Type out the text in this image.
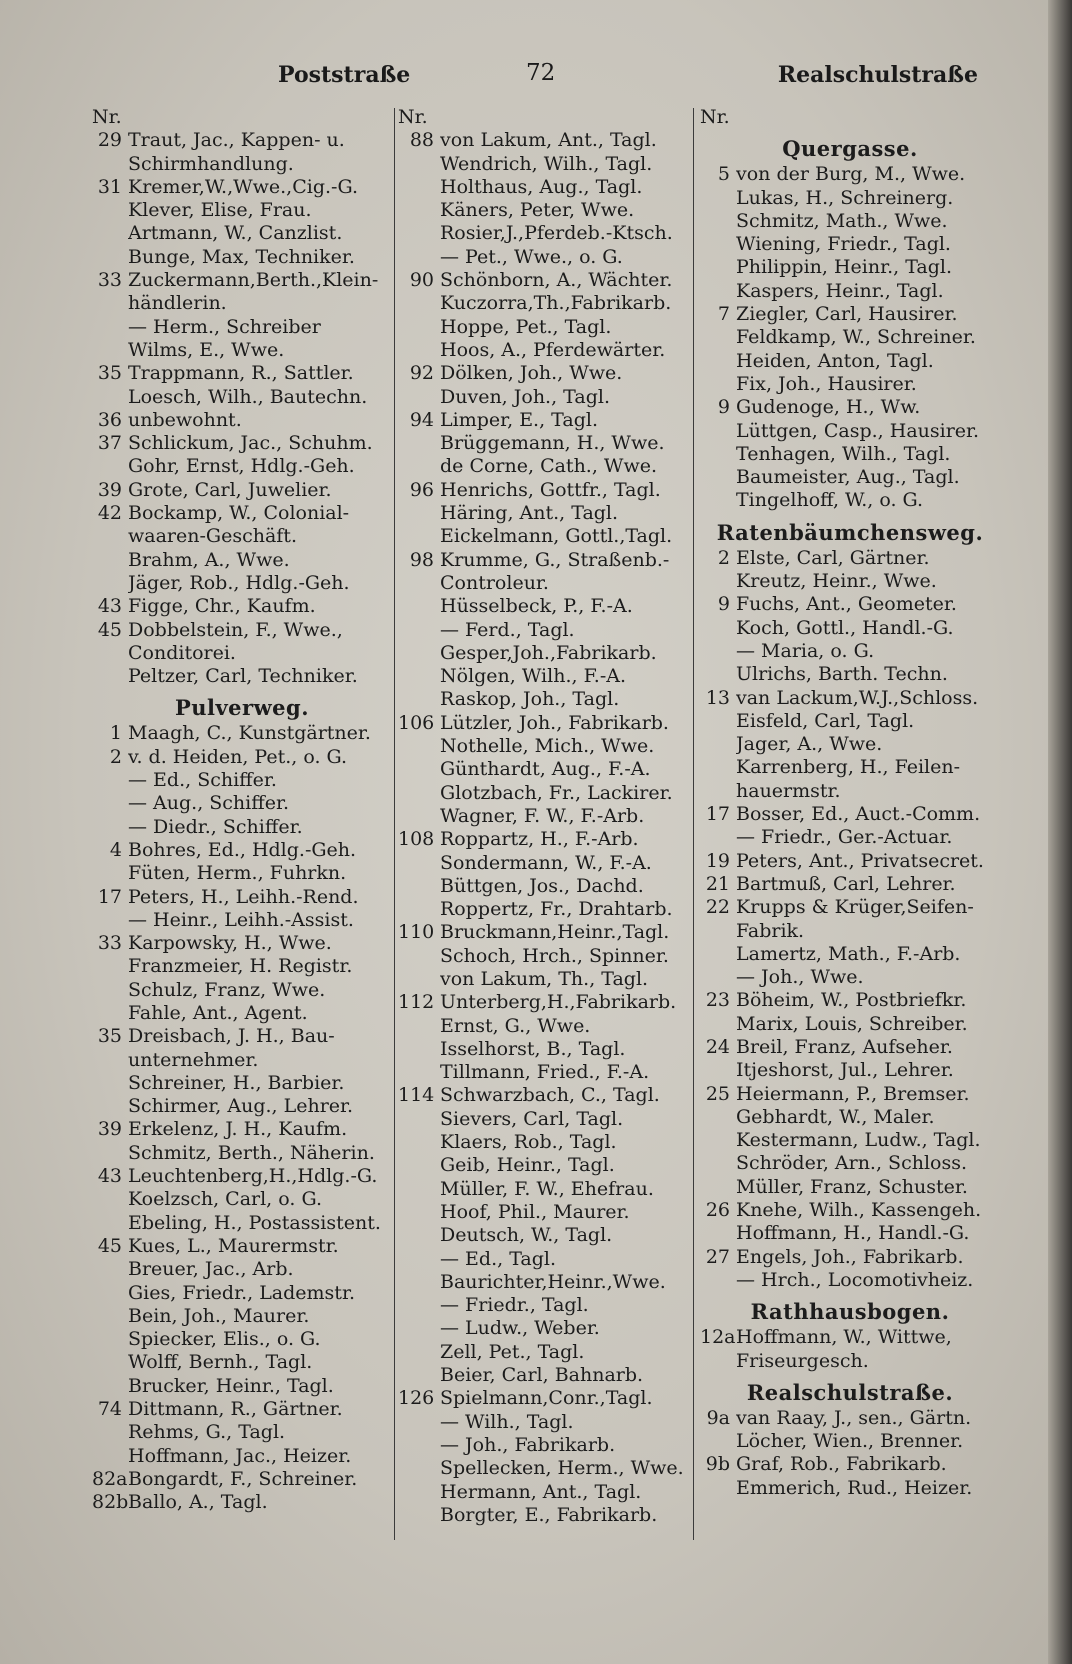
Poststraße	72	Realschulstraße
Nr.
29 Traut, Jac., Kappen- u.
Schirmhandlung.
31 Kremer,W.,Wwe.,Cig.-G.
Klever, Elise, Frau.
Artmann, W., Canzlist.
Bunge, Max, Techniker.
33 Zuckermann,Berth.,Klein-
händlerin.
— Herm., Schreiber
Wilms, E., Wwe.
35 Trappmann, R., Sattler.
Loesch, Wilh., Bautechn.
36 unbewohnt.
37 Schlickum, Jac., Schuhm.
Gohr, Ernst, Hdlg.-Geh.
39 Grote, Carl, Juwelier.
42 Bockamp, W., Colonial-
waaren-Geschäft.
Brahm, A., Wwe.
Jäger, Rob., Hdlg.-Geh.
43 Figge, Chr., Kaufm.
45 Dobbelstein, F., Wwe.,
Conditorei.
Peltzer, Carl, Techniker.
Pulverweg.
1 Maagh, C., Kunstgärtner.
2 v. d. Heiden, Pet., o. G.
— Ed., Schiffer.
— Aug., Schiffer.
— Diedr., Schiffer.
4 Bohres, Ed., Hdlg.-Geh.
Füten, Herm., Fuhrkn.
17 Peters, H., Leihh.-Rend.
— Heinr., Leihh.-Assist.
33 Karpowsky, H., Wwe.
Franzmeier, H. Registr.
Schulz, Franz, Wwe.
Fahle, Ant., Agent.
35 Dreisbach, J. H., Bau-
unternehmer.
Schreiner, H., Barbier.
Schirmer, Aug., Lehrer.
39 Erkelenz, J. H., Kaufm.
Schmitz, Berth., Näherin.
43 Leuchtenberg,H.,Hdlg.-G.
Koelzsch, Carl, o. G.
Ebeling, H., Postassistent.
45 Kues, L., Maurermstr.
Breuer, Jac., Arb.
Gies, Friedr., Lademstr.
Bein, Joh., Maurer.
Spiecker, Elis., o. G.
Wolff, Bernh., Tagl.
Brucker, Heinr., Tagl.
74 Dittmann, R., Gärtner.
Rehms, G., Tagl.
Hoffmann, Jac., Heizer.
82a Bongardt, F., Schreiner.
82b Ballo, A., Tagl.
Nr.
88 von Lakum, Ant., Tagl.
Wendrich, Wilh., Tagl.
Holthaus, Aug., Tagl.
Käners, Peter, Wwe.
Rosier,J.,Pferdeb.-Ktsch.
— Pet., Wwe., o. G.
90 Schönborn, A., Wächter.
Kuczorra,Th.,Fabrikarb.
Hoppe, Pet., Tagl.
Hoos, A., Pferdewärter.
92 Dölken, Joh., Wwe.
Duven, Joh., Tagl.
94 Limper, E., Tagl.
Brüggemann, H., Wwe.
de Corne, Cath., Wwe.
96 Henrichs, Gottfr., Tagl.
Häring, Ant., Tagl.
Eickelmann, Gottl.,Tagl.
98 Krumme, G., Straßenb.-
Controleur.
Hüsselbeck, P., F.-A.
— Ferd., Tagl.
Gesper,Joh.,Fabrikarb.
Nölgen, Wilh., F.-A.
Raskop, Joh., Tagl.
106 Lützler, Joh., Fabrikarb.
Nothelle, Mich., Wwe.
Günthardt, Aug., F.-A.
Glotzbach, Fr., Lackirer.
Wagner, F. W., F.-Arb.
108 Roppartz, H., F.-Arb.
Sondermann, W., F.-A.
Büttgen, Jos., Dachd.
Roppertz, Fr., Drahtarb.
110 Bruckmann,Heinr.,Tagl.
Schoch, Hrch., Spinner.
von Lakum, Th., Tagl.
112 Unterberg,H.,Fabrikarb.
Ernst, G., Wwe.
Isselhorst, B., Tagl.
Tillmann, Fried., F.-A.
114 Schwarzbach, C., Tagl.
Sievers, Carl, Tagl.
Klaers, Rob., Tagl.
Geib, Heinr., Tagl.
Müller, F. W., Ehefrau.
Hoof, Phil., Maurer.
Deutsch, W., Tagl.
— Ed., Tagl.
Baurichter,Heinr.,Wwe.
— Friedr., Tagl.
— Ludw., Weber.
Zell, Pet., Tagl.
Beier, Carl, Bahnarb.
126 Spielmann,Conr.,Tagl.
— Wilh., Tagl.
— Joh., Fabrikarb.
Spellecken, Herm., Wwe.
Hermann, Ant., Tagl.
Borgter, E., Fabrikarb.
Nr.
Quergasse.
5 von der Burg, M., Wwe.
Lukas, H., Schreinerg.
Schmitz, Math., Wwe.
Wiening, Friedr., Tagl.
Philippin, Heinr., Tagl.
Kaspers, Heinr., Tagl.
7 Ziegler, Carl, Hausirer.
Feldkamp, W., Schreiner.
Heiden, Anton, Tagl.
Fix, Joh., Hausirer.
9 Gudenoge, H., Ww.
Lüttgen, Casp., Hausirer.
Tenhagen, Wilh., Tagl.
Baumeister, Aug., Tagl.
Tingelhoff, W., o. G.
Ratenbäumchensweg.
2 Elste, Carl, Gärtner.
Kreutz, Heinr., Wwe.
9 Fuchs, Ant., Geometer.
Koch, Gottl., Handl.-G.
— Maria, o. G.
Ulrichs, Barth. Techn.
13 van Lackum,W.J.,Schloss.
Eisfeld, Carl, Tagl.
Jager, A., Wwe.
Karrenberg, H., Feilen-
hauermstr.
17 Bosser, Ed., Auct.-Comm.
— Friedr., Ger.-Actuar.
19 Peters, Ant., Privatsecret.
21 Bartmuß, Carl, Lehrer.
22 Krupps & Krüger,Seifen-
Fabrik.
Lamertz, Math., F.-Arb.
— Joh., Wwe.
23 Böheim, W., Postbriefkr.
Marix, Louis, Schreiber.
24 Breil, Franz, Aufseher.
Itjeshorst, Jul., Lehrer.
25 Heiermann, P., Bremser.
Gebhardt, W., Maler.
Kestermann, Ludw., Tagl.
Schröder, Arn., Schloss.
Müller, Franz, Schuster.
26 Knehe, Wilh., Kassengeh.
Hoffmann, H., Handl.-G.
27 Engels, Joh., Fabrikarb.
— Hrch., Locomotivheiz.
Rathhausbogen.
12a Hoffmann, W., Wittwe,
Friseurgesch.
Realschulstraße.
9a van Raay, J., sen., Gärtn.
Löcher, Wien., Brenner.
9b Graf, Rob., Fabrikarb.
Emmerich, Rud., Heizer.
